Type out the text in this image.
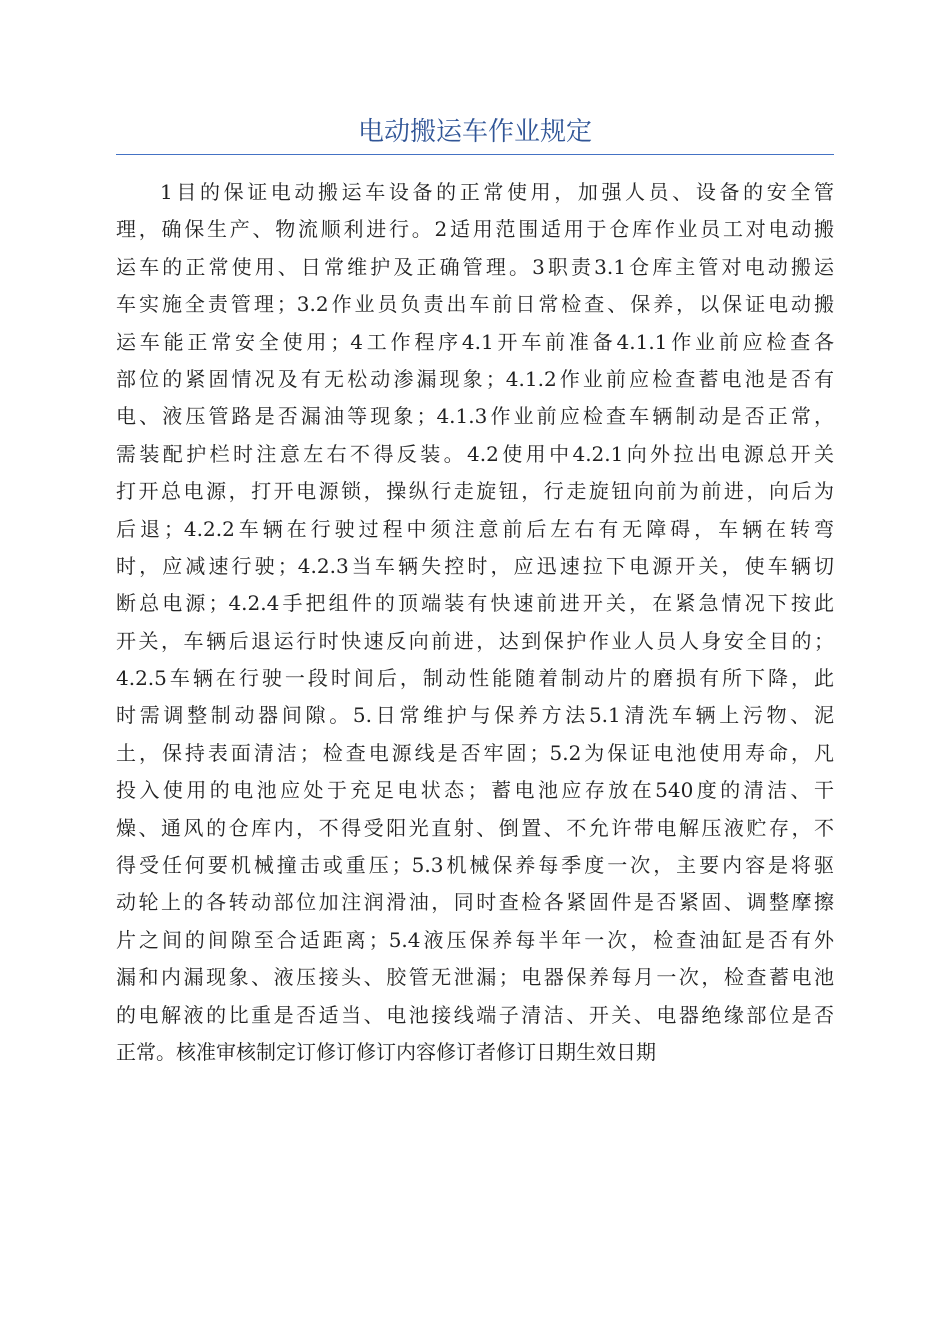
电动搬运车作业规定
1目的保证电动搬运车设备的正常使用，加强人员、设备的安全管
理，确保生产、物流顺利进行。2适用范围适用于仓库作业员工对电动搬
运车的正常使用、日常维护及正确管理。3职责3.1仓库主管对电动搬运
车实施全责管理；3.2作业员负责出车前日常检查、保养，以保证电动搬
运车能正常安全使用；4工作程序4.1开车前准备4.1.1作业前应检查各
部位的紧固情况及有无松动渗漏现象；4.1.2作业前应检查蓄电池是否有
电、液压管路是否漏油等现象；4.1.3作业前应检查车辆制动是否正常，
需装配护栏时注意左右不得反装。4.2使用中4.2.1向外拉出电源总开关
打开总电源，打开电源锁，操纵行走旋钮，行走旋钮向前为前进，向后为
后退；4.2.2车辆在行驶过程中须注意前后左右有无障碍，车辆在转弯
时，应减速行驶；4.2.3当车辆失控时，应迅速拉下电源开关，使车辆切
断总电源；4.2.4手把组件的顶端装有快速前进开关，在紧急情况下按此
开关，车辆后退运行时快速反向前进，达到保护作业人员人身安全目的；
4.2.5车辆在行驶一段时间后，制动性能随着制动片的磨损有所下降，此
时需调整制动器间隙。5.日常维护与保养方法5.1清洗车辆上污物、泥
土，保持表面清洁；检查电源线是否牢固；5.2为保证电池使用寿命，凡
投入使用的电池应处于充足电状态；蓄电池应存放在540度的清洁、干
燥、通风的仓库内，不得受阳光直射、倒置、不允许带电解压液贮存，不
得受任何要机械撞击或重压；5.3机械保养每季度一次，主要内容是将驱
动轮上的各转动部位加注润滑油，同时查检各紧固件是否紧固、调整摩擦
片之间的间隙至合适距离；5.4液压保养每半年一次，检查油缸是否有外
漏和内漏现象、液压接头、胶管无泄漏；电器保养每月一次，检查蓄电池
的电解液的比重是否适当、电池接线端子清洁、开关、电器绝缘部位是否
正常。核准审核制定订修订修订内容修订者修订日期生效日期
